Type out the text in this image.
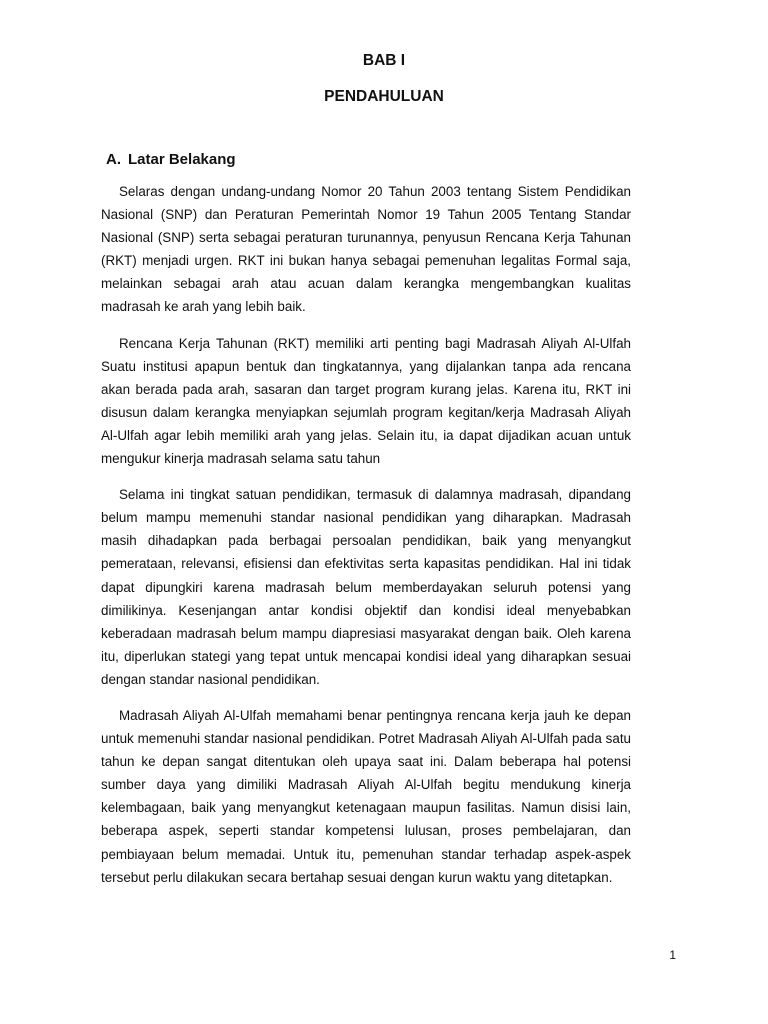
BAB I
PENDAHULUAN
A. Latar Belakang

Selaras dengan undang-undang Nomor 20 Tahun 2003 tentang Sistem Pendidikan Nasional (SNP) dan Peraturan Pemerintah Nomor 19 Tahun 2005 Tentang Standar Nasional (SNP) serta sebagai peraturan turunannya, penyusun Rencana Kerja Tahunan (RKT) menjadi urgen. RKT ini bukan hanya sebagai pemenuhan legalitas Formal saja, melainkan sebagai arah atau acuan dalam kerangka mengembangkan kualitas madrasah ke arah yang lebih baik.

Rencana Kerja Tahunan (RKT) memiliki arti penting bagi Madrasah Aliyah Al-Ulfah Suatu institusi apapun bentuk dan tingkatannya, yang dijalankan tanpa ada rencana akan berada pada arah, sasaran dan target program kurang jelas. Karena itu, RKT ini disusun dalam kerangka menyiapkan sejumlah program kegitan/kerja Madrasah Aliyah Al-Ulfah agar lebih memiliki arah yang jelas. Selain itu, ia dapat dijadikan acuan untuk mengukur kinerja madrasah selama satu tahun

Selama ini tingkat satuan pendidikan, termasuk di dalamnya madrasah, dipandang belum mampu memenuhi standar nasional pendidikan yang diharapkan. Madrasah masih dihadapkan pada berbagai persoalan pendidikan, baik yang menyangkut pemerataan, relevansi, efisiensi dan efektivitas serta kapasitas pendidikan. Hal ini tidak dapat dipungkiri karena madrasah belum memberdayakan seluruh potensi yang dimilikinya. Kesenjangan antar kondisi objektif dan kondisi ideal menyebabkan keberadaan madrasah belum mampu diapresiasi masyarakat dengan baik. Oleh karena itu, diperlukan stategi yang tepat untuk mencapai kondisi ideal yang diharapkan sesuai dengan standar nasional pendidikan.

Madrasah Aliyah Al-Ulfah memahami benar pentingnya rencana kerja jauh ke depan untuk memenuhi standar nasional pendidikan. Potret Madrasah Aliyah Al-Ulfah pada satu tahun ke depan sangat ditentukan oleh upaya saat ini. Dalam beberapa hal potensi sumber daya yang dimiliki Madrasah Aliyah Al-Ulfah begitu mendukung kinerja kelembagaan, baik yang menyangkut ketenagaan maupun fasilitas. Namun disisi lain, beberapa aspek, seperti standar kompetensi lulusan, proses pembelajaran, dan pembiayaan belum memadai. Untuk itu, pemenuhan standar terhadap aspek-aspek tersebut perlu dilakukan secara bertahap sesuai dengan kurun waktu yang ditetapkan.

1
